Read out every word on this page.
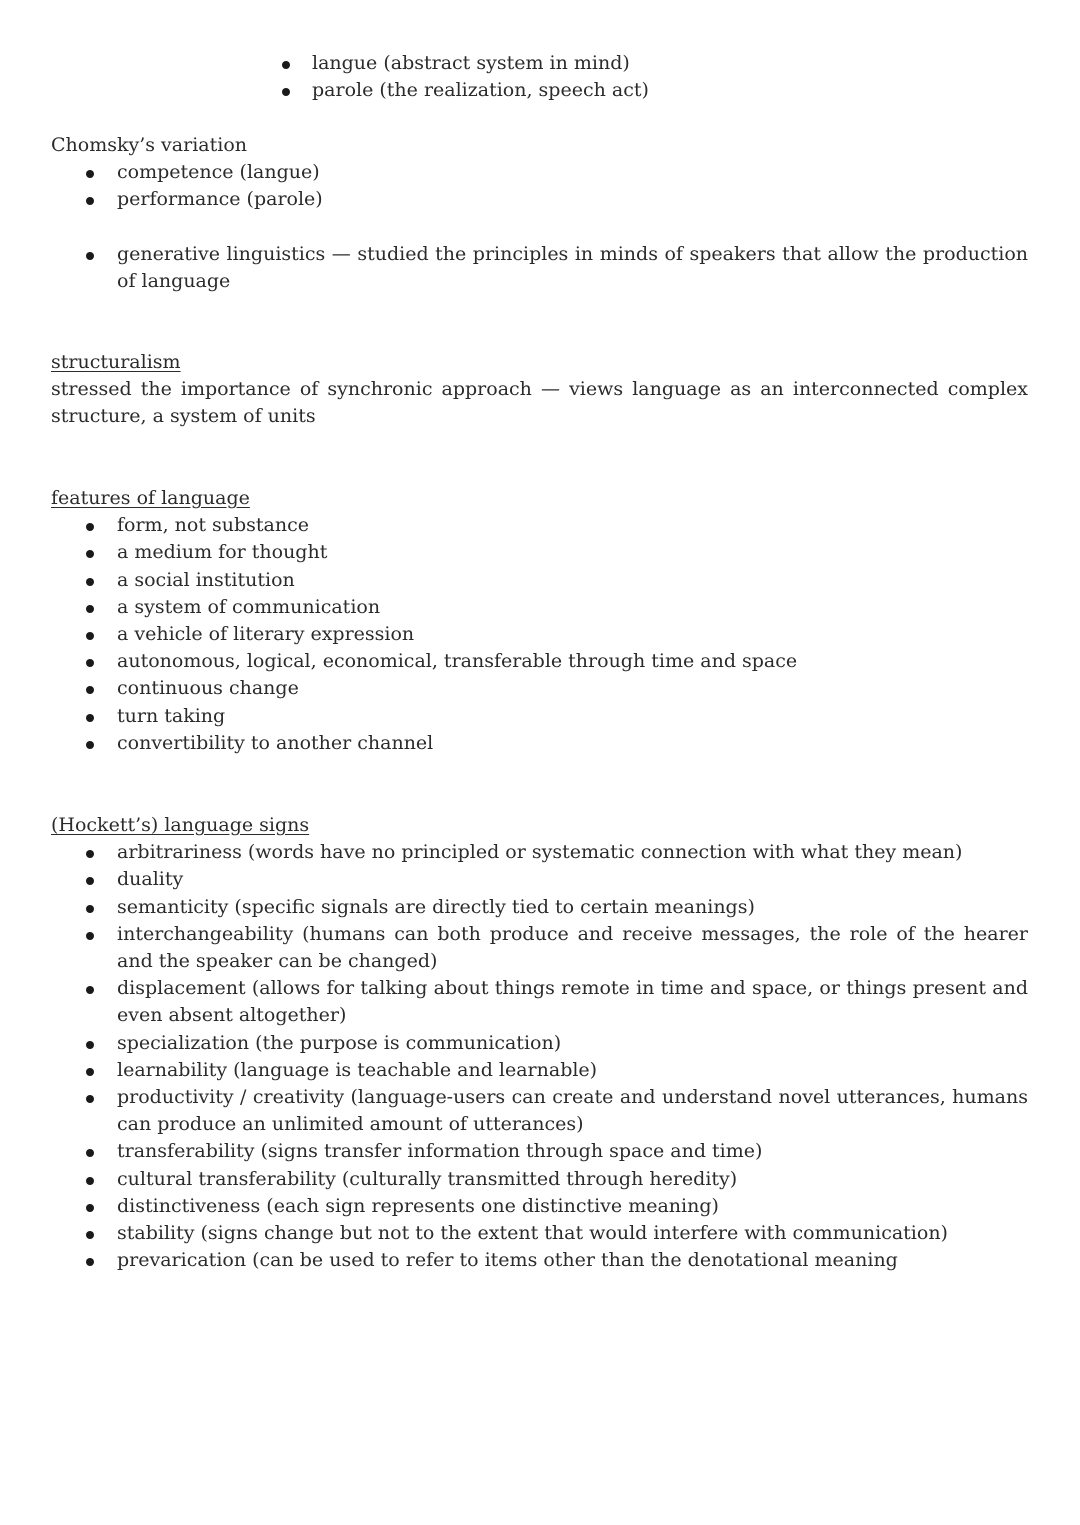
langue (abstract system in mind)
parole (the realization, speech act)

Chomsky’s variation

competence (langue)
performance (parole)
generative linguistics — studied the principles in minds of speakers that allow the production of language

structuralism

stressed the importance of synchronic approach — views language as an interconnected complex structure, a system of units

features of language

form, not substance
a medium for thought
a social institution
a system of communication
a vehicle of literary expression
autonomous, logical, economical, transferable through time and space
continuous change
turn taking
convertibility to another channel

(Hockett’s) language signs

arbitrariness (words have no principled or systematic connection with what they mean)
duality
semanticity (specific signals are directly tied to certain meanings)
interchangeability (humans can both produce and receive messages, the role of the hearer and the speaker can be changed)
displacement (allows for talking about things remote in time and space, or things present and even absent altogether)
specialization (the purpose is communication)
learnability (language is teachable and learnable)
productivity / creativity (language-users can create and understand novel utterances, humans can produce an unlimited amount of utterances)
transferability (signs transfer information through space and time)
cultural transferability (culturally transmitted through heredity)
distinctiveness (each sign represents one distinctive meaning)
stability (signs change but not to the extent that would interfere with communication)
prevarication (can be used to refer to items other than the denotational meaning
